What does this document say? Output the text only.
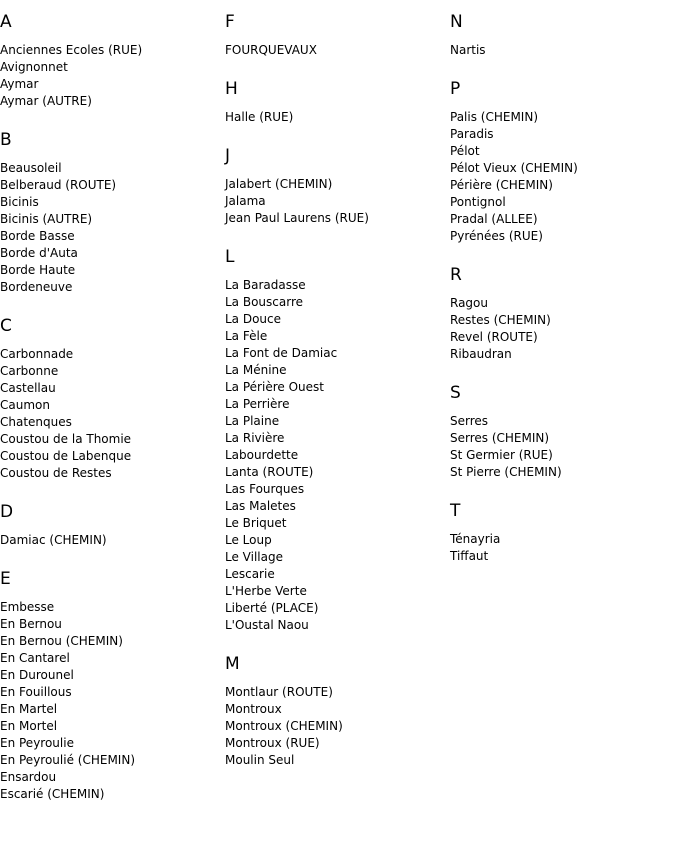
A
Anciennes Ecoles (RUE)
Avignonnet
Aymar
Aymar (AUTRE)
B
Beausoleil
Belberaud (ROUTE)
Bicinis
Bicinis (AUTRE)
Borde Basse
Borde d'Auta
Borde Haute
Bordeneuve
C
Carbonnade
Carbonne
Castellau
Caumon
Chatenques
Coustou de la Thomie
Coustou de Labenque
Coustou de Restes
D
Damiac (CHEMIN)
E
Embesse
En Bernou
En Bernou (CHEMIN)
En Cantarel
En Durounel
En Fouillous
En Martel
En Mortel
En Peyroulie
En Peyroulié (CHEMIN)
Ensardou
Escarié (CHEMIN)
F
FOURQUEVAUX
H
Halle (RUE)
J
Jalabert (CHEMIN)
Jalama
Jean Paul Laurens (RUE)
L
La Baradasse
La Bouscarre
La Douce
La Fèle
La Font de Damiac
La Ménine
La Périère Ouest
La Perrière
La Plaine
La Rivière
Labourdette
Lanta (ROUTE)
Las Fourques
Las Maletes
Le Briquet
Le Loup
Le Village
Lescarie
L'Herbe Verte
Liberté (PLACE)
L'Oustal Naou
M
Montlaur (ROUTE)
Montroux
Montroux (CHEMIN)
Montroux (RUE)
Moulin Seul
N
Nartis
P
Palis (CHEMIN)
Paradis
Pélot
Pélot Vieux (CHEMIN)
Périère (CHEMIN)
Pontignol
Pradal (ALLEE)
Pyrénées (RUE)
R
Ragou
Restes (CHEMIN)
Revel (ROUTE)
Ribaudran
S
Serres
Serres (CHEMIN)
St Germier (RUE)
St Pierre (CHEMIN)
T
Ténayria
Tiffaut
